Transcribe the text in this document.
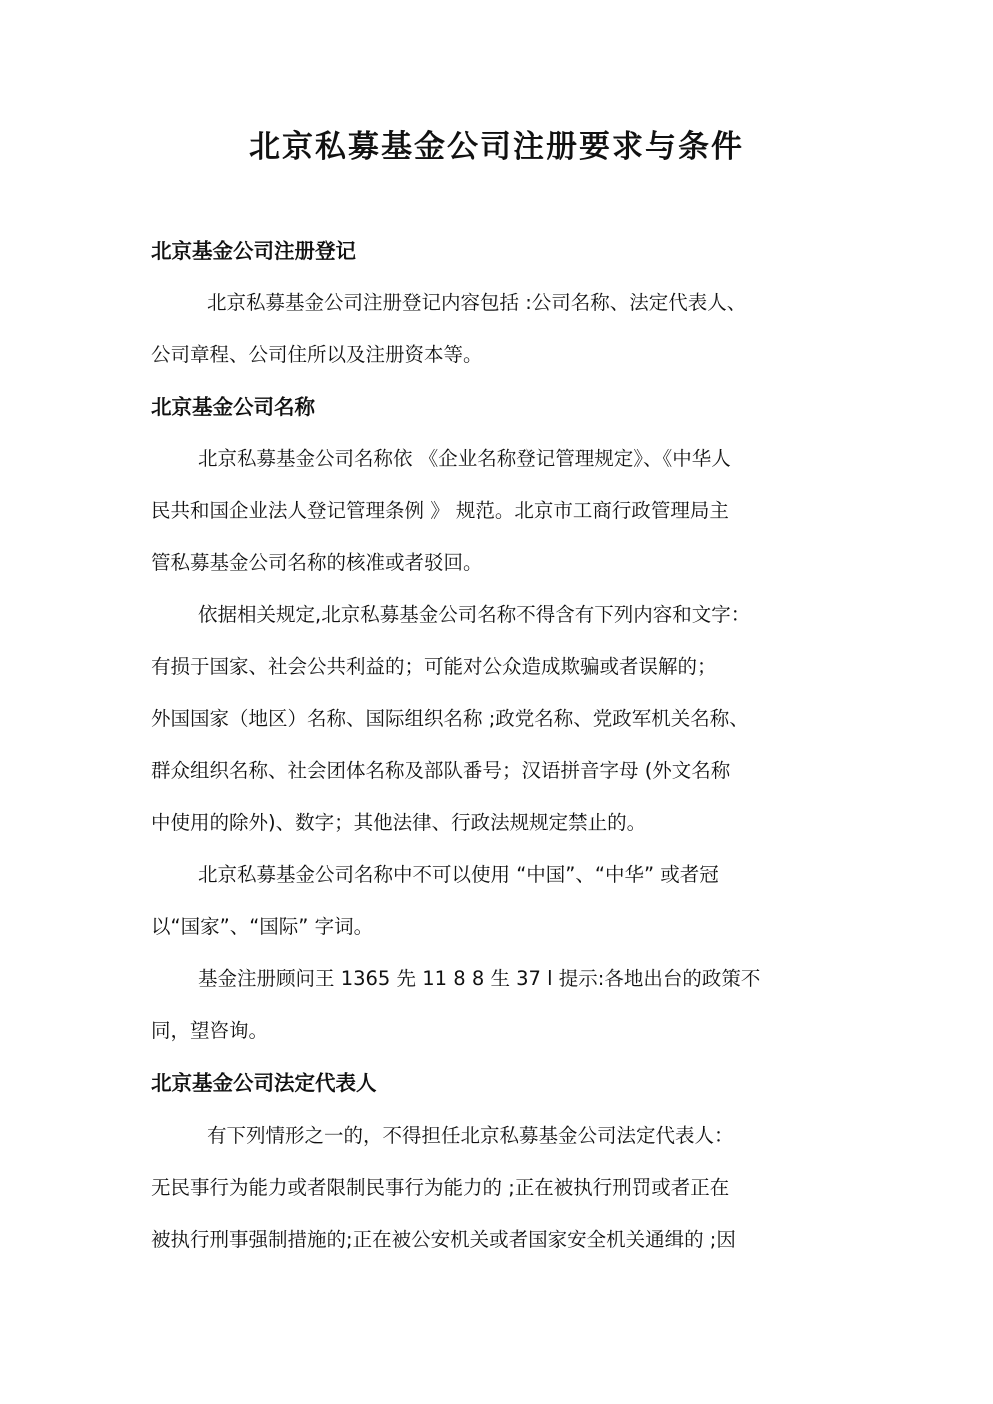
北京私募基金公司注册要求与条件
北京基金公司注册登记
北京私募基金公司注册登记内容包括 :公司名称、法定代表人、
公司章程、公司住所以及注册资本等。
北京基金公司名称
北京私募基金公司名称依 《企业名称登记管理规定》、《中华人
民共和国企业法人登记管理条例 》 规范。北京市工商行政管理局主
管私募基金公司名称的核准或者驳回。
依据相关规定,北京私募基金公司名称不得含有下列内容和文字：
有损于国家、社会公共利益的；可能对公众造成欺骗或者误解的；
外国国家（地区）名称、国际组织名称 ;政党名称、党政军机关名称、
群众组织名称、社会团体名称及部队番号；汉语拼音字母 (外文名称
中使用的除外)、数字；其他法律、行政法规规定禁止的。
北京私募基金公司名称中不可以使用 “中国”、“中华” 或者冠
以“国家”、“国际” 字词。
基金注册顾问王 1365 先 11 8 8 生 37 l 提示:各地出台的政策不
同，望咨询。
北京基金公司法定代表人
有下列情形之一的，不得担任北京私募基金公司法定代表人：
无民事行为能力或者限制民事行为能力的 ;正在被执行刑罚或者正在
被执行刑事强制措施的;正在被公安机关或者国家安全机关通缉的 ;因
